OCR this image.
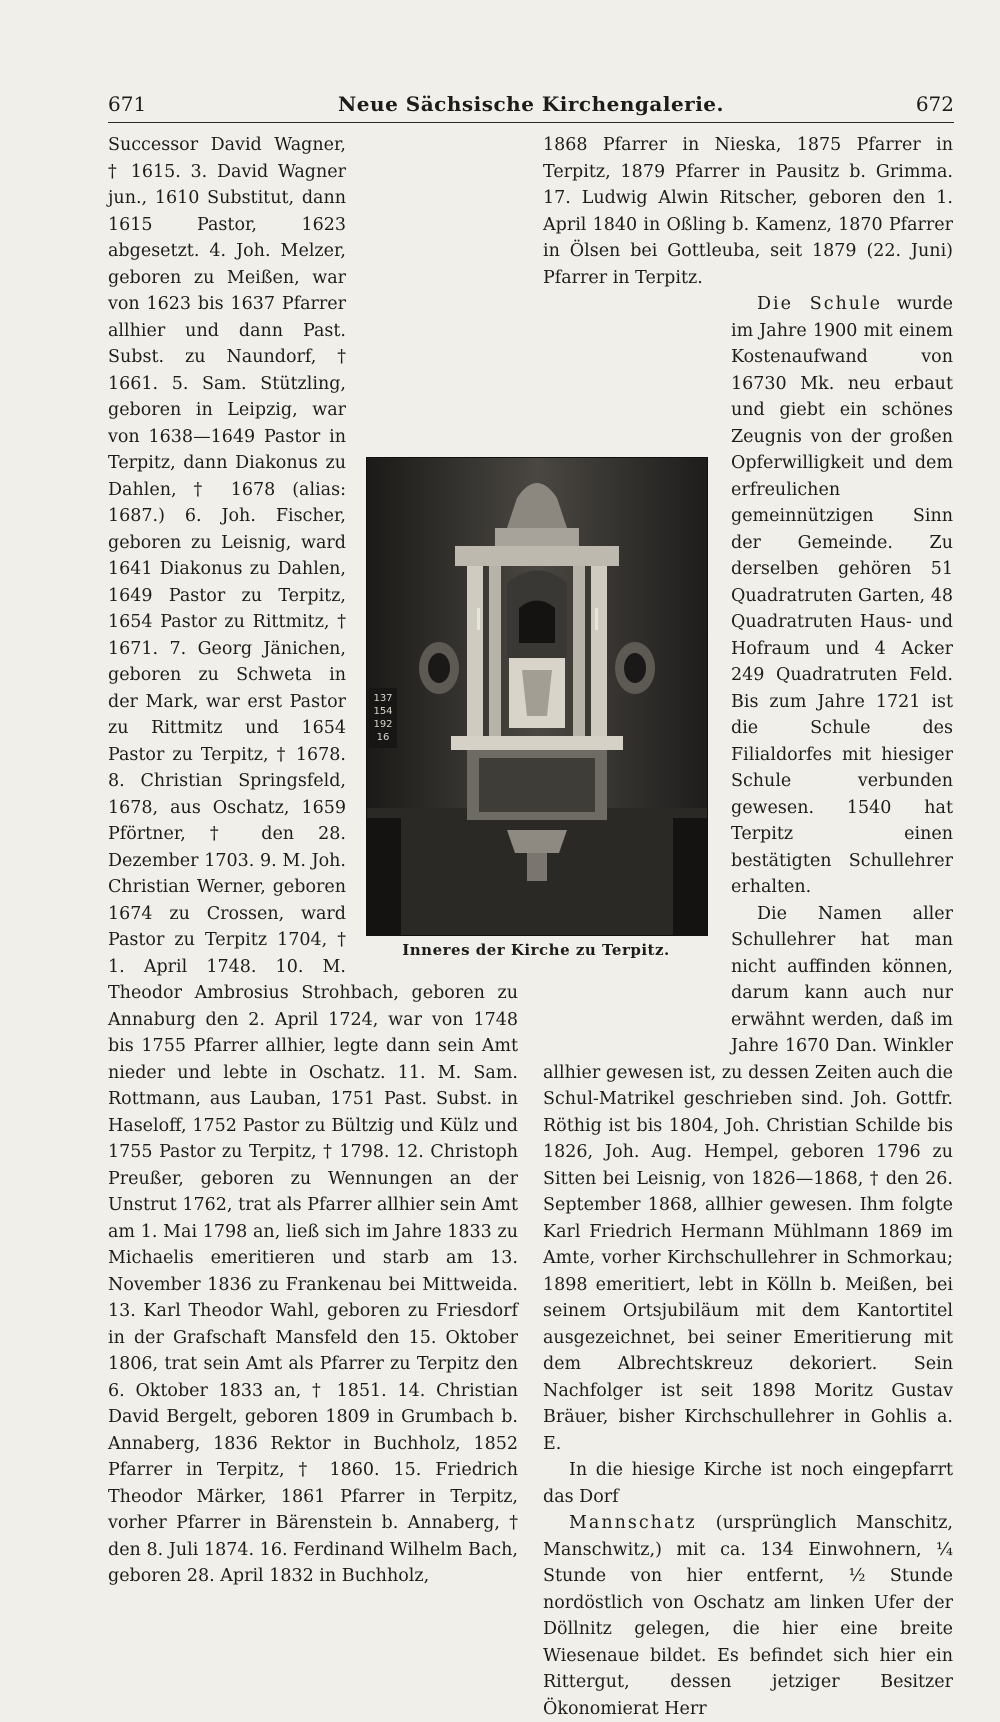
671	Neue Sächsische Kirchengalerie.	672

Successor David Wagner, † 1615. 3. David Wagner jun., 1610 Substitut, dann 1615 Pastor, 1623 abgesetzt. 4. Joh. Melzer, geboren zu Meißen, war von 1623 bis 1637 Pfarrer allhier und dann Past. Subst. zu Naundorf, † 1661. 5. Sam. Stützling, geboren in Leipzig, war von 1638—1649 Pastor in Terpitz, dann Diakonus zu Dahlen, † 1678 (alias: 1687.) 6. Joh. Fischer, geboren zu Leisnig, ward 1641 Diakonus zu Dahlen, 1649 Pastor zu Terpitz, 1654 Pastor zu Rittmitz, † 1671. 7. Georg Jänichen, geboren zu Schweta in der Mark, war erst Pastor zu Rittmitz und 1654 Pastor zu Terpitz, † 1678. 8. Christian Springsfeld, 1678, aus Oschatz, 1659 Pförtner, † den 28. Dezember 1703. 9. M. Joh. Christian Werner, geboren 1674 zu Crossen, ward Pastor zu Terpitz 1704, † 1. April 1748. 10. M. Theodor Ambrosius Strohbach, geboren zu Annaburg den 2. April 1724, war von 1748 bis 1755 Pfarrer allhier, legte dann sein Amt nieder und lebte in Oschatz. 11. M. Sam. Rottmann, aus Lauban, 1751 Past. Subst. in Haseloff, 1752 Pastor zu Bültzig und Külz und 1755 Pastor zu Terpitz, † 1798. 12. Christoph Preußer, geboren zu Wennungen an der Unstrut 1762, trat als Pfarrer allhier sein Amt am 1. Mai 1798 an, ließ sich im Jahre 1833 zu Michaelis emeritieren und starb am 13. November 1836 zu Frankenau bei Mittweida. 13. Karl Theodor Wahl, geboren zu Friesdorf in der Grafschaft Mansfeld den 15. Oktober 1806, trat sein Amt als Pfarrer zu Terpitz den 6. Oktober 1833 an, † 1851. 14. Christian David Bergelt, geboren 1809 in Grumbach b. Annaberg, 1836 Rektor in Buchholz, 1852 Pfarrer in Terpitz, † 1860. 15. Friedrich Theodor Märker, 1861 Pfarrer in Terpitz, vorher Pfarrer in Bärenstein b. Annaberg, † den 8. Juli 1874. 16. Ferdinand Wilhelm Bach, geboren 28. April 1832 in Buchholz,

1868 Pfarrer in Nieska, 1875 Pfarrer in Terpitz, 1879 Pfarrer in Pausitz b. Grimma. 17. Ludwig Alwin Ritscher, geboren den 1. April 1840 in Oßling b. Kamenz, 1870 Pfarrer in Ölsen bei Gottleuba, seit 1879 (22. Juni) Pfarrer in Terpitz.

Die Schule wurde im Jahre 1900 mit einem Kostenaufwand von 16730 Mk. neu erbaut und giebt ein schönes Zeugnis von der großen Opferwilligkeit und dem erfreulichen gemeinnützigen Sinn der Gemeinde. Zu derselben gehören 51 Quadratruten Garten, 48 Quadratruten Haus- und Hofraum und 4 Acker 249 Quadratruten Feld. Bis zum Jahre 1721 ist die Schule des Filialdorfes mit hiesiger Schule verbunden gewesen. 1540 hat Terpitz einen bestätigten Schullehrer erhalten.

Die Namen aller Schullehrer hat man nicht auffinden können, darum kann auch nur erwähnt werden, daß im Jahre 1670 Dan. Winkler allhier gewesen ist, zu dessen Zeiten auch die Schul-Matrikel geschrieben sind. Joh. Gottfr. Röthig ist bis 1804, Joh. Christian Schilde bis 1826, Joh. Aug. Hempel, geboren 1796 zu Sitten bei Leisnig, von 1826—1868, † den 26. September 1868, allhier gewesen. Ihm folgte Karl Friedrich Hermann Mühlmann 1869 im Amte, vorher Kirchschullehrer in Schmorkau; 1898 emeritiert, lebt in Kölln b. Meißen, bei seinem Ortsjubiläum mit dem Kantortitel ausgezeichnet, bei seiner Emeritierung mit dem Albrechtskreuz dekoriert. Sein Nachfolger ist seit 1898 Moritz Gustav Bräuer, bisher Kirchschullehrer in Gohlis a. E.

In die hiesige Kirche ist noch eingepfarrt das Dorf

Mannschatz (ursprünglich Manschitz, Manschwitz,) mit ca. 134 Einwohnern, ¼ Stunde von hier entfernt, ½ Stunde nordöstlich von Oschatz am linken Ufer der Döllnitz gelegen, die hier eine breite Wiesenaue bildet. Es befindet sich hier ein Rittergut, dessen jetziger Besitzer Ökonomierat Herr

137
154
192
16
Inneres der Kirche zu Terpitz.
